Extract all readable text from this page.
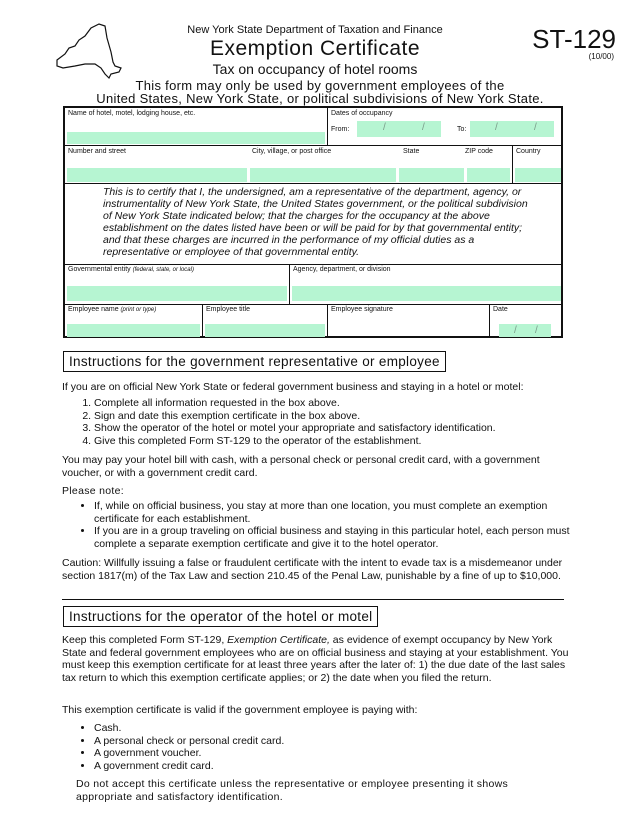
New York State Department of Taxation and Finance
Exemption Certificate
Tax on occupancy of hotel rooms
ST-129
(10/00)
This form may only be used by government employees of the
United States, New York State, or political subdivisions of New York State.
Name of hotel, motel, lodging house, etc.	Dates of occupancy
From:	/	/	To:	/	/
Number and street	City, village, or post office	State	ZIP code	Country
This is to certify that I, the undersigned, am a representative of the department, agency, or instrumentality of New York State, the United States government, or the political subdivision of New York State indicated below; that the charges for the occupancy at the above establishment on the dates listed have been or will be paid for by that governmental entity; and that these charges are incurred in the performance of my official duties as a representative or employee of that governmental entity.
Governmental entity (federal, state, or local)	Agency, department, or division
Employee name (print or type)	Employee title	Employee signature	Date
/ /
Instructions for the government representative or employee
If you are on official New York State or federal government business and staying in a hotel or motel:
1. Complete all information requested in the box above.
2. Sign and date this exemption certificate in the box above.
3. Show the operator of the hotel or motel your appropriate and satisfactory identification.
4. Give this completed Form ST-129 to the operator of the establishment.
You may pay your hotel bill with cash, with a personal check or personal credit card, with a government voucher, or with a government credit card.
Please note:
• If, while on official business, you stay at more than one location, you must complete an exemption certificate for each establishment.
• If you are in a group traveling on official business and staying in this particular hotel, each person must complete a separate exemption certificate and give it to the hotel operator.
Caution: Willfully issuing a false or fraudulent certificate with the intent to evade tax is a misdemeanor under section 1817(m) of the Tax Law and section 210.45 of the Penal Law, punishable by a fine of up to $10,000.
Instructions for the operator of the hotel or motel
Keep this completed Form ST-129, Exemption Certificate, as evidence of exempt occupancy by New York State and federal government employees who are on official business and staying at your establishment. You must keep this exemption certificate for at least three years after the later of: 1) the due date of the last sales tax return to which this exemption certificate applies; or 2) the date when you filed the return.
This exemption certificate is valid if the government employee is paying with:
• Cash.
• A personal check or personal credit card.
• A government voucher.
• A government credit card.
Do not accept this certificate unless the representative or employee presenting it shows appropriate and satisfactory identification.
